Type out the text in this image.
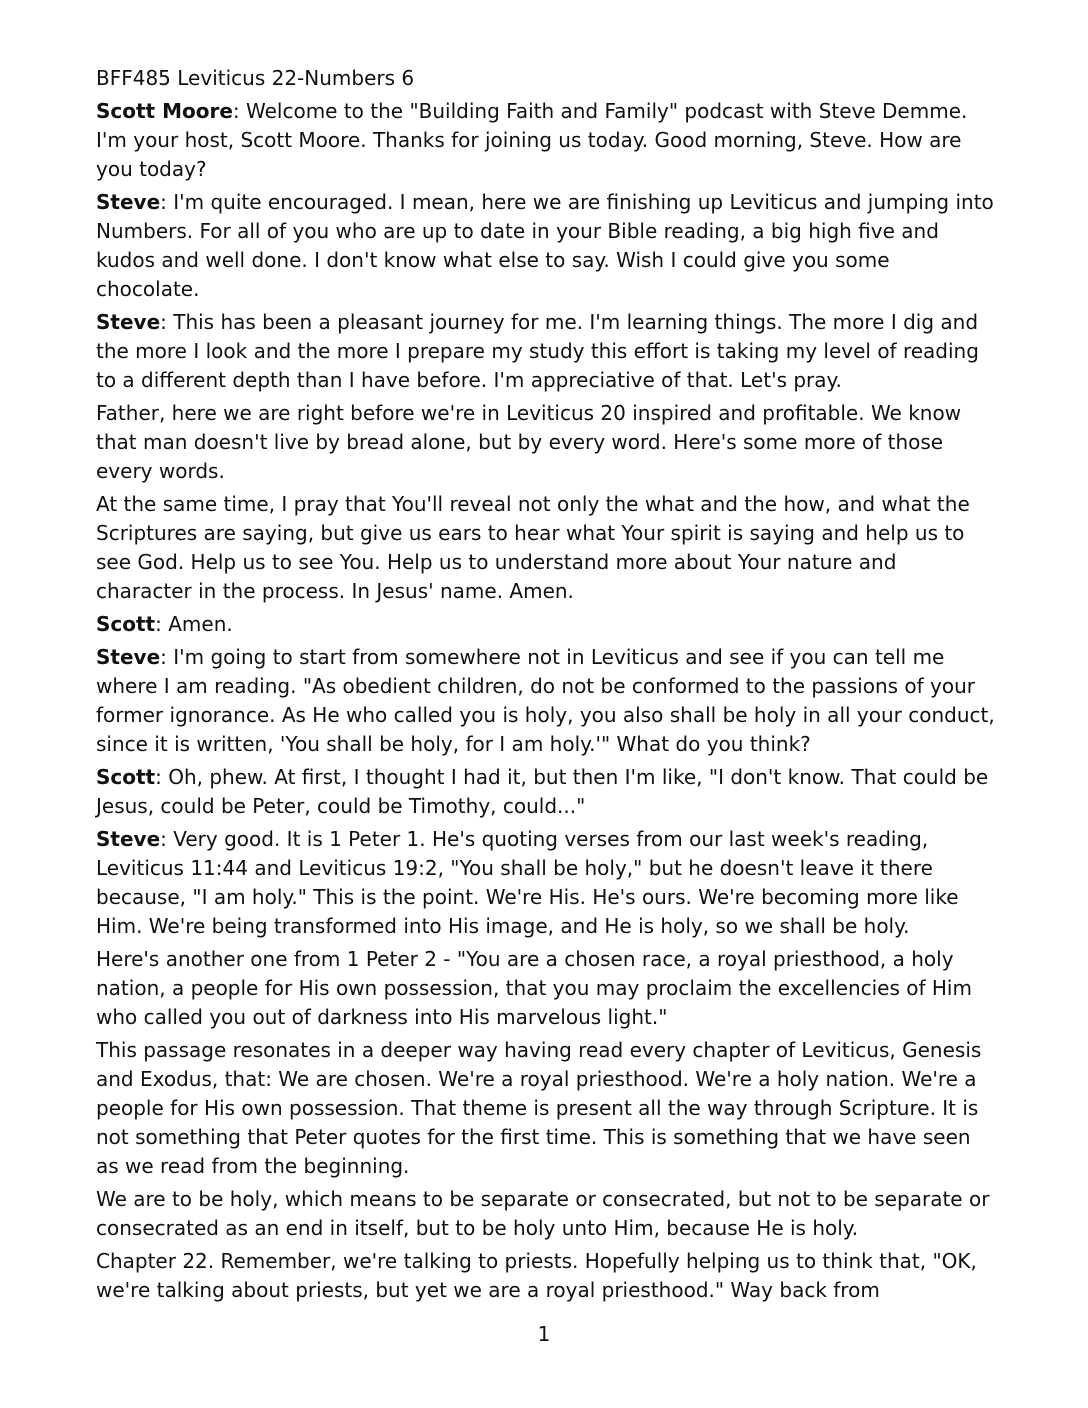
BFF485 Leviticus 22-Numbers 6

Scott Moore: Welcome to the "Building Faith and Family" podcast with Steve Demme. I'm your host, Scott Moore. Thanks for joining us today. Good morning, Steve. How are you today?

Steve: I'm quite encouraged. I mean, here we are finishing up Leviticus and jumping into Numbers. For all of you who are up to date in your Bible reading, a big high five and kudos and well done. I don't know what else to say. Wish I could give you some chocolate.

Steve: This has been a pleasant journey for me. I'm learning things. The more I dig and the more I look and the more I prepare my study this effort is taking my level of reading to a different depth than I have before. I'm appreciative of that. Let's pray.

Father, here we are right before we're in Leviticus 20 inspired and profitable. We know that man doesn't live by bread alone, but by every word. Here's some more of those every words.

At the same time, I pray that You'll reveal not only the what and the how, and what the Scriptures are saying, but give us ears to hear what Your spirit is saying and help us to see God. Help us to see You. Help us to understand more about Your nature and character in the process. In Jesus' name. Amen.

Scott: Amen.

Steve: I'm going to start from somewhere not in Leviticus and see if you can tell me where I am reading. "As obedient children, do not be conformed to the passions of your former ignorance. As He who called you is holy, you also shall be holy in all your conduct, since it is written, 'You shall be holy, for I am holy.'" What do you think?

Scott: Oh, phew. At first, I thought I had it, but then I'm like, "I don't know. That could be Jesus, could be Peter, could be Timothy, could..."

Steve: Very good. It is 1 Peter 1. He's quoting verses from our last week's reading, Leviticus 11:44 and Leviticus 19:2, "You shall be holy," but he doesn't leave it there because, "I am holy." This is the point. We're His. He's ours. We're becoming more like Him. We're being transformed into His image, and He is holy, so we shall be holy.

Here's another one from 1 Peter 2 - "You are a chosen race, a royal priesthood, a holy nation, a people for His own possession, that you may proclaim the excellencies of Him who called you out of darkness into His marvelous light."

This passage resonates in a deeper way having read every chapter of Leviticus, Genesis and Exodus, that: We are chosen. We're a royal priesthood. We're a holy nation. We're a people for His own possession. That theme is present all the way through Scripture. It is not something that Peter quotes for the first time. This is something that we have seen as we read from the beginning.

We are to be holy, which means to be separate or consecrated, but not to be separate or consecrated as an end in itself, but to be holy unto Him, because He is holy.

Chapter 22. Remember, we're talking to priests. Hopefully helping us to think that, "OK, we're talking about priests, but yet we are a royal priesthood." Way back from

1
